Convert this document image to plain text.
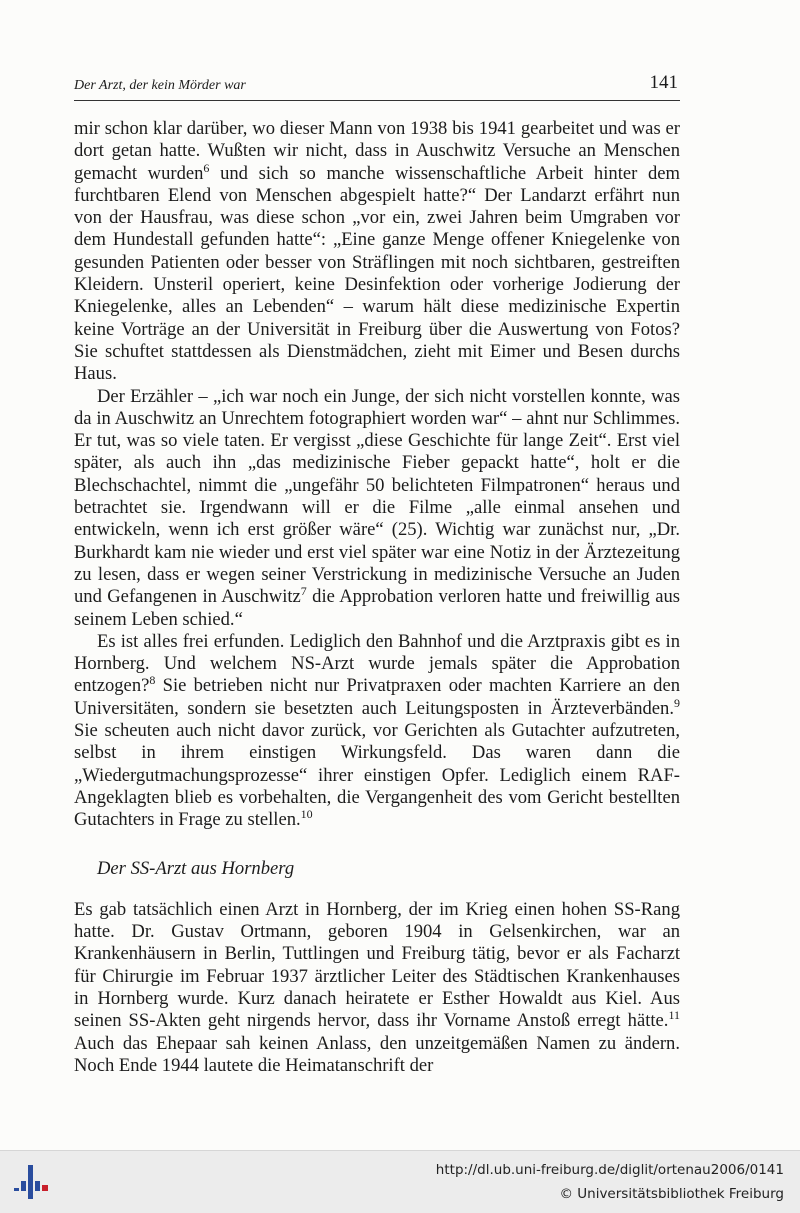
Der Arzt, der kein Mörder war	141

mir schon klar darüber, wo dieser Mann von 1938 bis 1941 gearbeitet und was er dort getan hatte. Wußten wir nicht, dass in Auschwitz Versuche an Menschen gemacht wurden$^6$ und sich so manche wissenschaftliche Arbeit hinter dem furchtbaren Elend von Menschen abgespielt hatte?“ Der Landarzt erfährt nun von der Hausfrau, was diese schon „vor ein, zwei Jahren beim Umgraben vor dem Hundestall gefunden hatte“: „Eine ganze Menge offener Kniegelenke von gesunden Patienten oder besser von Sträflingen mit noch sichtbaren, gestreiften Kleidern. Unsteril operiert, keine Desinfektion oder vorherige Jodierung der Kniegelenke, alles an Lebenden“ – warum hält diese medizinische Expertin keine Vorträge an der Universität in Freiburg über die Auswertung von Fotos? Sie schuftet stattdessen als Dienstmädchen, zieht mit Eimer und Besen durchs Haus.

Der Erzähler – „ich war noch ein Junge, der sich nicht vorstellen konnte, was da in Auschwitz an Unrechtem fotographiert worden war“ – ahnt nur Schlimmes. Er tut, was so viele taten. Er vergisst „diese Geschichte für lange Zeit“. Erst viel später, als auch ihn „das medizinische Fieber gepackt hatte“, holt er die Blechschachtel, nimmt die „ungefähr 50 belichteten Filmpatronen“ heraus und betrachtet sie. Irgendwann will er die Filme „alle einmal ansehen und entwickeln, wenn ich erst größer wäre“ (25). Wichtig war zunächst nur, „Dr. Burkhardt kam nie wieder und erst viel später war eine Notiz in der Ärztezeitung zu lesen, dass er wegen seiner Verstrickung in medizinische Versuche an Juden und Gefangenen in Auschwitz$^7$ die Approbation verloren hatte und freiwillig aus seinem Leben schied.“

Es ist alles frei erfunden. Lediglich den Bahnhof und die Arztpraxis gibt es in Hornberg. Und welchem NS-Arzt wurde jemals später die Approbation entzogen?$^8$ Sie betrieben nicht nur Privatpraxen oder machten Karriere an den Universitäten, sondern sie besetzten auch Leitungsposten in Ärzteverbänden.$^9$ Sie scheuten auch nicht davor zurück, vor Gerichten als Gutachter aufzutreten, selbst in ihrem einstigen Wirkungsfeld. Das waren dann die „Wiedergutmachungsprozesse“ ihrer einstigen Opfer. Lediglich einem RAF-Angeklagten blieb es vorbehalten, die Vergangenheit des vom Gericht bestellten Gutachters in Frage zu stellen.$^{10}$

Der SS-Arzt aus Hornberg

Es gab tatsächlich einen Arzt in Hornberg, der im Krieg einen hohen SS-Rang hatte. Dr. Gustav Ortmann, geboren 1904 in Gelsenkirchen, war an Krankenhäusern in Berlin, Tuttlingen und Freiburg tätig, bevor er als Facharzt für Chirurgie im Februar 1937 ärztlicher Leiter des Städtischen Krankenhauses in Hornberg wurde. Kurz danach heiratete er Esther Howaldt aus Kiel. Aus seinen SS-Akten geht nirgends hervor, dass ihr Vorname Anstoß erregt hätte.$^{11}$ Auch das Ehepaar sah keinen Anlass, den unzeitgemäßen Namen zu ändern. Noch Ende 1944 lautete die Heimatanschrift der

http://dl.ub.uni-freiburg.de/diglit/ortenau2006/0141
© Universitätsbibliothek Freiburg
